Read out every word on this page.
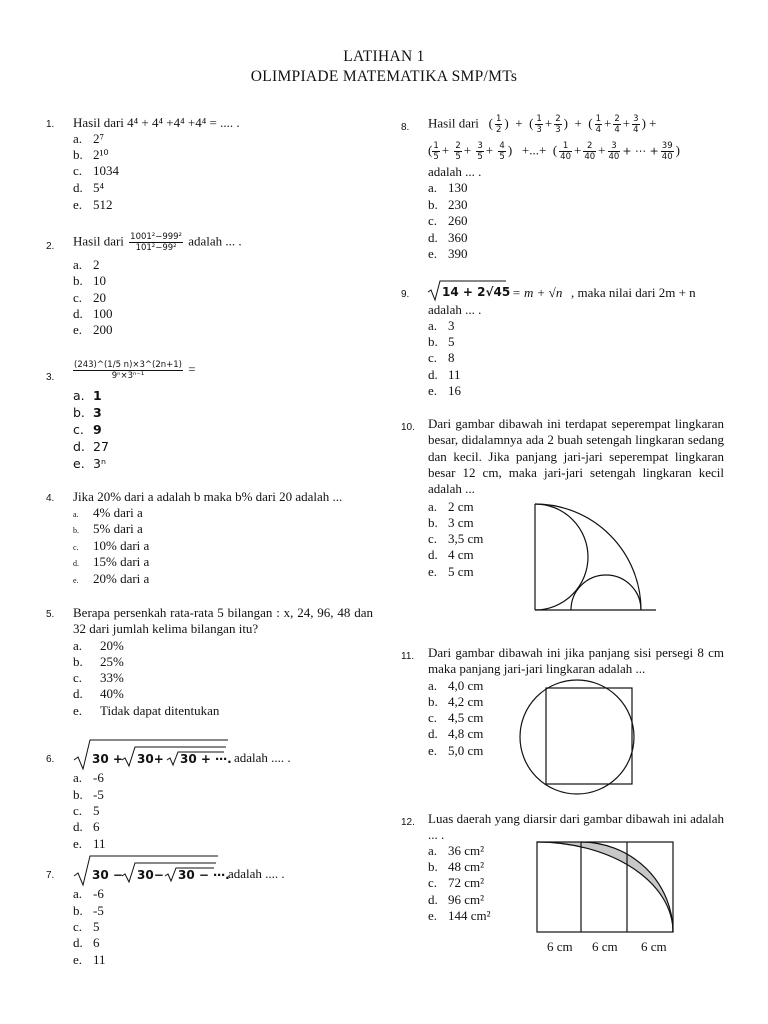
LATIHAN 1
OLIMPIADE MATEMATIKA SMP/MTs
1. Hasil dari 4⁴ + 4⁴ +4⁴ +4⁴ = .... .
a. 2⁷
b. 2¹⁰
c. 1034
d. 5⁴
e. 512
2. Hasil dari $\frac{\text{1001²−999²}}{\text{101²−99²}}$ adalah ... .
a. 2
b. 10
c. 20
d. 100
e. 200
3. $\frac{(243)\^{}(1/5 n)\times 3\^{}(2n+1)}{\text{9ⁿ×3ⁿ⁻¹}}$ =
a. 1
b. 3
c. 9
d. 27
e. 3ⁿ
4. Jika 20% dari a adalah b maka b% dari 20 adalah ...
a. 4% dari a
b. 5% dari a
c. 10% dari a
d. 15% dari a
e. 20% dari a
5. Berapa persenkah rata-rata 5 bilangan : x, 24, 96, 48 dan 32 dari jumlah kelima bilangan itu?
a. 20%
b. 25%
c. 33%
d. 40%
e. Tidak dapat ditentukan
6.	30 + 30+ 30 + ⋯. adalah .... .
a. -6
b. -5
c. 5
d. 6
e. 11
7.	30 − 30− 30 − ⋯.
adalah .... .
a. -6
b. -5
c. 5
d. 6
e. 11
8. Hasil dari   ( $\frac{1}{2}$ )  +  ( $\frac{1}{3} + \frac{2}{3}$ )  +  ( $\frac{1}{4} + \frac{2}{4} + \frac{3}{4}$ ) +
( $\frac{1}{5} + \frac{2}{5} + \frac{3}{5} + \frac{4}{5}$ )   +...+  ( $\frac{1}{40} + \frac{2}{40} + \frac{3}{40}$ + ⋯ + $\frac{39}{40}$ )
adalah ... .
a. 130
b. 230
c. 260
d. 360
e. 390
9.	14 + 2√45 = m + √n , maka nilai dari 2m + n
adalah ... .
a. 3
b. 5
c. 8
d. 11
e. 16
10. Dari gambar dibawah ini terdapat seperempat lingkaran besar, didalamnya ada 2 buah setengah lingkaran sedang dan kecil. Jika panjang jari-jari seperempat lingkaran besar 12 cm, maka jari-jari setengah lingkaran kecil adalah ...
a. 2 cm
b. 3 cm
c. 3,5 cm
d. 4 cm
e. 5 cm
11. Dari gambar dibawah ini jika panjang sisi persegi 8 cm maka panjang jari-jari lingkaran adalah ...
a. 4,0 cm
b. 4,2 cm
c. 4,5 cm
d. 4,8 cm
e. 5,0 cm
12. Luas daerah yang diarsir dari gambar dibawah ini adalah ... .
a. 36 cm²
b. 48 cm²
c. 72 cm²
d. 96 cm²
e. 144 cm²
6 cm 6 cm 6 cm
